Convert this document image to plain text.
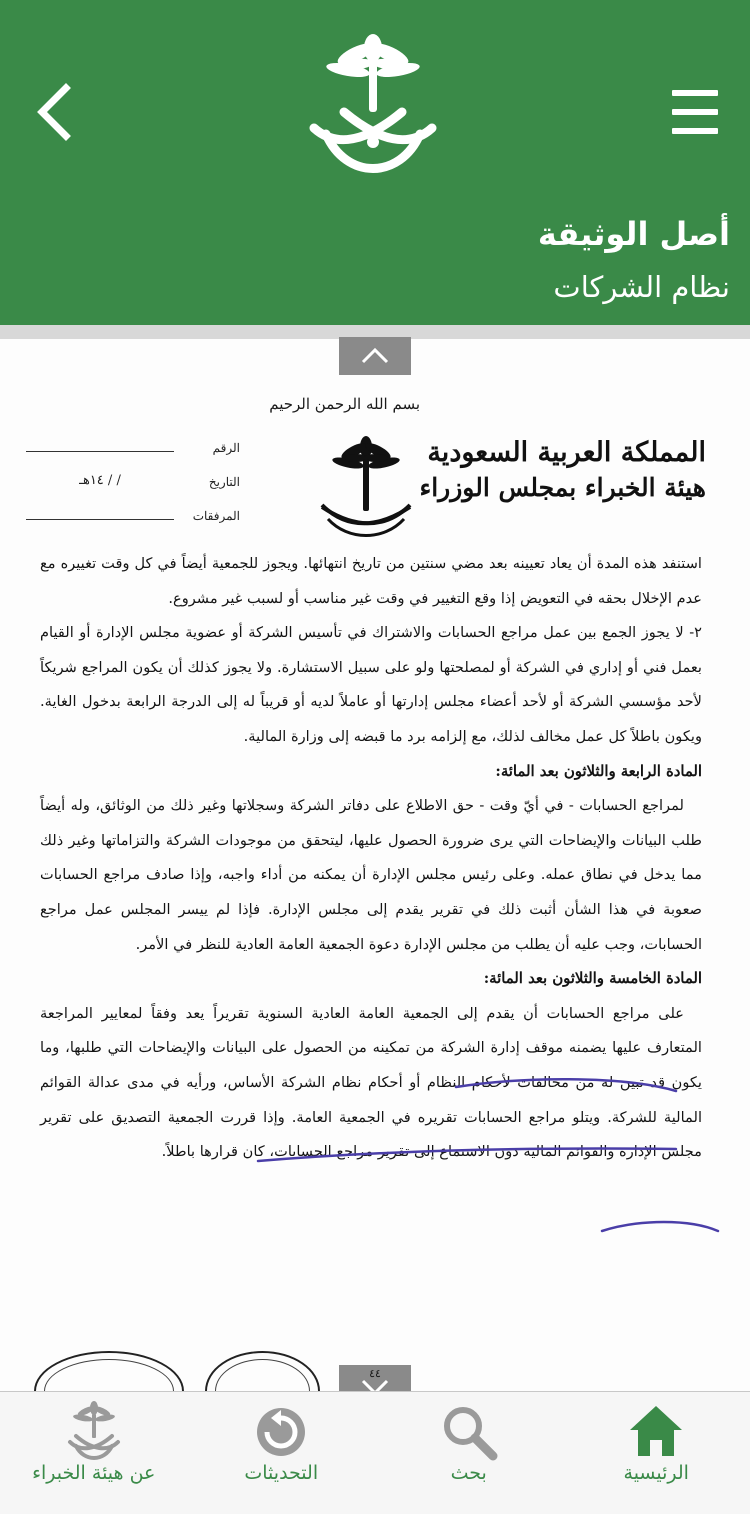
أصل الوثيقة
نظام الشركات
بسم الله الرحمن الرحيم
المملكة العربية السعودية
هيئة الخبراء بمجلس الوزراء
الرقم
التاريخ
/ / ١٤هـ
المرفقات

استنفد هذه المدة أن يعاد تعيينه بعد مضي سنتين من تاريخ انتهائها. ويجوز للجمعية أيضاً في كل وقت تغييره مع عدم الإخلال بحقه في التعويض إذا وقع التغيير في وقت غير مناسب أو لسبب غير مشروع.

٢- لا يجوز الجمع بين عمل مراجع الحسابات والاشتراك في تأسيس الشركة أو عضوية مجلس الإدارة أو القيام بعمل فني أو إداري في الشركة أو لمصلحتها ولو على سبيل الاستشارة. ولا يجوز كذلك أن يكون المراجع شريكاً لأحد مؤسسي الشركة أو لأحد أعضاء مجلس إدارتها أو عاملاً لديه أو قريباً له إلى الدرجة الرابعة بدخول الغاية. ويكون باطلاً كل عمل مخالف لذلك، مع إلزامه برد ما قبضه إلى وزارة المالية.

المادة الرابعة والثلاثون بعد المائة:

لمراجع الحسابات - في أيّ وقت - حق الاطلاع على دفاتر الشركة وسجلاتها وغير ذلك من الوثائق، وله أيضاً طلب البيانات والإيضاحات التي يرى ضرورة الحصول عليها، ليتحقق من موجودات الشركة والتزاماتها وغير ذلك مما يدخل في نطاق عمله. وعلى رئيس مجلس الإدارة أن يمكنه من أداء واجبه، وإذا صادف مراجع الحسابات صعوبة في هذا الشأن أثبت ذلك في تقرير يقدم إلى مجلس الإدارة. فإذا لم ييسر المجلس عمل مراجع الحسابات، وجب عليه أن يطلب من مجلس الإدارة دعوة الجمعية العامة العادية للنظر في الأمر.

المادة الخامسة والثلاثون بعد المائة:

على مراجع الحسابات أن يقدم إلى الجمعية العامة العادية السنوية تقريراً يعد وفقاً لمعايير المراجعة المتعارف عليها يضمنه موقف إدارة الشركة من تمكينه من الحصول على البيانات والإيضاحات التي طلبها، وما يكون قد تبين له من مخالفات لأحكام النظام أو أحكام نظام الشركة الأساس، ورأيه في مدى عدالة القوائم المالية للشركة. ويتلو مراجع الحسابات تقريره في الجمعية العامة. وإذا قررت الجمعية التصديق على تقرير مجلس الإدارة والقوائم المالية دون الاستماع إلى تقرير مراجع الحسابات، كان قرارها باطلاً.

٤٤
الرئيسية
بحث
التحديثات
عن هيئة الخبراء
